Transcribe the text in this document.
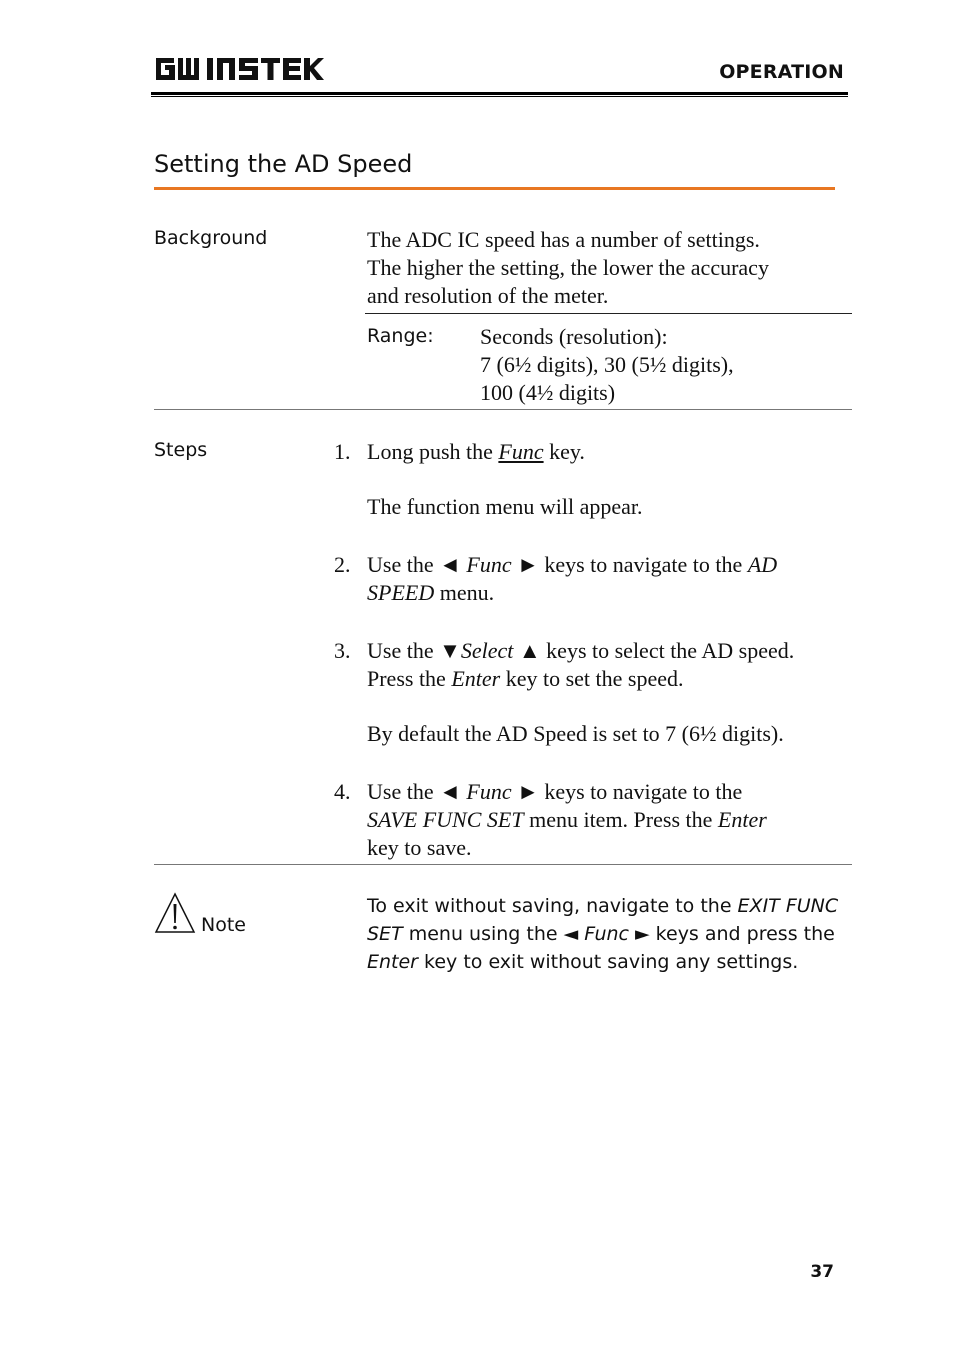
OPERATION
Setting the AD Speed
Background	The ADC IC speed has a number of settings.
The higher the setting, the lower the accuracy
and resolution of the meter.
Range: Seconds (resolution):
7 (6½ digits), 30 (5½ digits),
100 (4½ digits)
Steps	1. Long push the Func key.
The function menu will appear.
2. Use the ◄ Func ► keys to navigate to the AD
SPEED menu.
3. Use the ▼Select ▲ keys to select the AD speed.
Press the Enter key to set the speed.
By default the AD Speed is set to 7 (6½ digits).
4. Use the ◄ Func ► keys to navigate to the
SAVE FUNC SET menu item. Press the Enter
key to save.
Note
To exit without saving, navigate to the EXIT FUNC
SET menu using the ◄ Func ► keys and press the
Enter key to exit without saving any settings.
37
